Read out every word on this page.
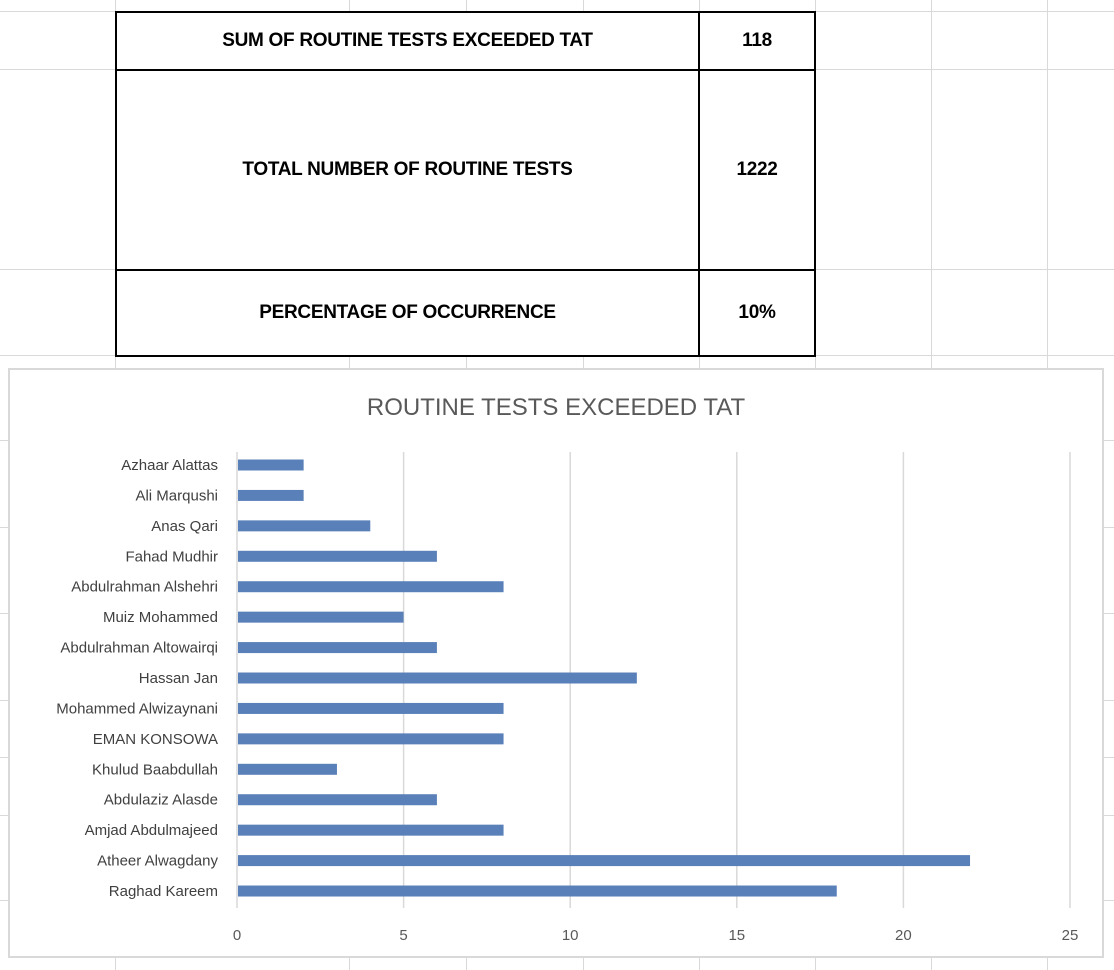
SUM OF ROUTINE TESTS EXCEEDED TAT	118
TOTAL NUMBER OF ROUTINE TESTS	1222
PERCENTAGE OF OCCURRENCE	10%
0	5	10	15	20	25
Azhaar Alattas
Ali Marqushi
Anas Qari
Fahad Mudhir
Abdulrahman Alshehri
Muiz Mohammed
Abdulrahman Altowairqi
Hassan Jan
Mohammed Alwizaynani
EMAN KONSOWA
Khulud Baabdullah
Abdulaziz Alasde
Amjad Abdulmajeed
Atheer Alwagdany
Raghad Kareem
ROUTINE TESTS EXCEEDED TAT
